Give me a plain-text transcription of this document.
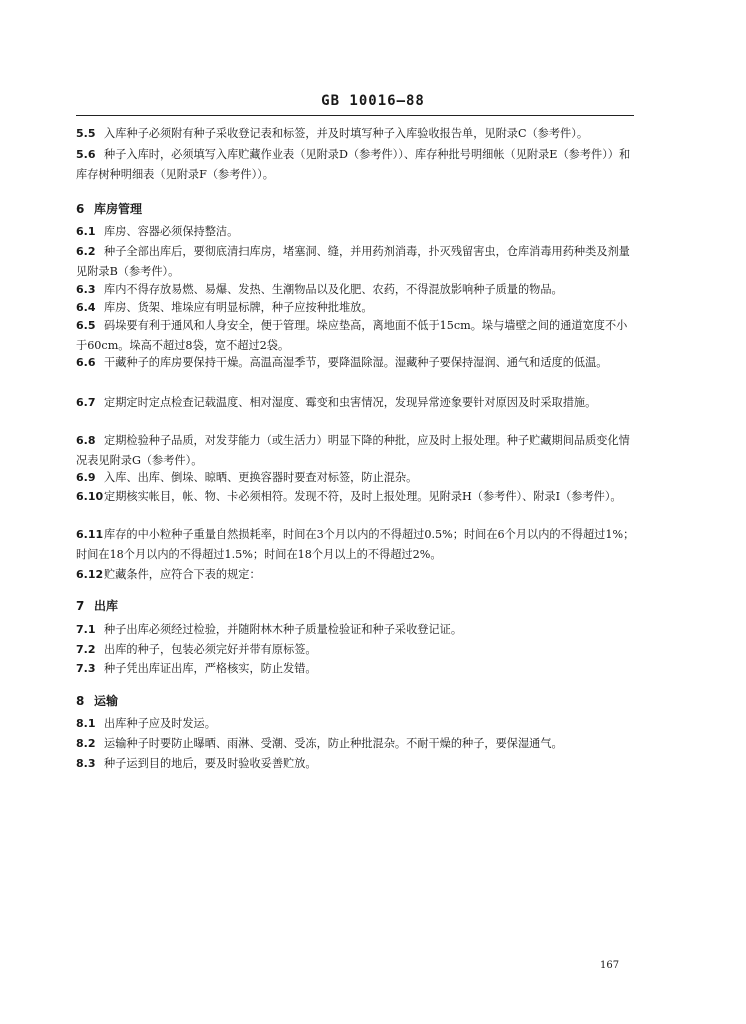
GB 10016—88
5.5 入库种子必须附有种子采收登记表和标签，并及时填写种子入库验收报告单，见附录C（参考件）。
5.6 种子入库时，必须填写入库贮藏作业表（见附录D（参考件））、库存种批号明细帐（见附录E（参考件））和库存树种明细表（见附录F（参考件））。
6 库房管理
6.1 库房、容器必须保持整洁。
6.2 种子全部出库后，要彻底清扫库房，堵塞洞、缝，并用药剂消毒，扑灭残留害虫，仓库消毒用药种类及剂量见附录B（参考件）。
6.3 库内不得存放易燃、易爆、发热、生潮物品以及化肥、农药，不得混放影响种子质量的物品。
6.4 库房、货架、堆垛应有明显标牌，种子应按种批堆放。
6.5 码垛要有利于通风和人身安全，便于管理。垛应垫高，离地面不低于15cm。垛与墙壁之间的通道宽度不小于60cm。垛高不超过8袋，宽不超过2袋。
6.6 干藏种子的库房要保持干燥。高温高湿季节，要降温除湿。湿藏种子要保持湿润、通气和适度的低温。
6.7 定期定时定点检查记载温度、相对湿度、霉变和虫害情况，发现异常迹象要针对原因及时采取措施。
6.8 定期检验种子品质，对发芽能力（或生活力）明显下降的种批，应及时上报处理。种子贮藏期间品质变化情况表见附录G（参考件）。
6.9 入库、出库、倒垛、晾晒、更换容器时要查对标签，防止混杂。
6.10定期核实帐目，帐、物、卡必须相符。发现不符，及时上报处理。见附录H（参考件）、附录I（参考件）。
6.11库存的中小粒种子重量自然损耗率，时间在3个月以内的不得超过0.5%；时间在6个月以内的不得超过1%；时间在18个月以内的不得超过1.5%；时间在18个月以上的不得超过2%。
6.12贮藏条件，应符合下表的规定：
7 出库
7.1 种子出库必须经过检验，并随附林木种子质量检验证和种子采收登记证。
7.2 出库的种子，包装必须完好并带有原标签。
7.3 种子凭出库证出库，严格核实，防止发错。
8 运输
8.1 出库种子应及时发运。
8.2 运输种子时要防止曝晒、雨淋、受潮、受冻，防止种批混杂。不耐干燥的种子，要保湿通气。
8.3 种子运到目的地后，要及时验收妥善贮放。
167
